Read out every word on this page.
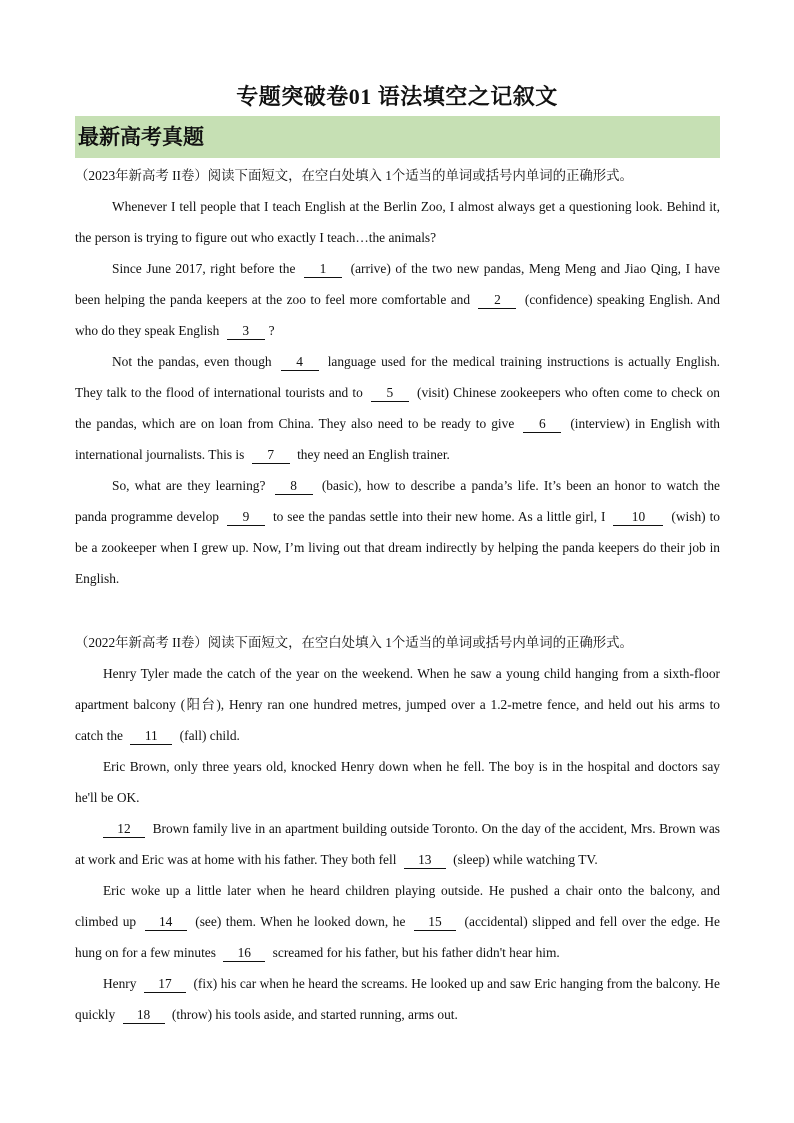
专题突破卷01 语法填空之记叙文
最新高考真题
（2023年新高考 II卷）阅读下面短文，在空白处填入 1个适当的单词或括号内单词的正确形式。
Whenever I tell people that I teach English at the Berlin Zoo, I almost always get a questioning look. Behind it, the person is trying to figure out who exactly I teach…the animals?
Since June 2017, right before the 1 (arrive) of the two new pandas, Meng Meng and Jiao Qing, I have been helping the panda keepers at the zoo to feel more comfortable and 2 (confidence) speaking English. And who do they speak English 3 ?
Not the pandas, even though 4 language used for the medical training instructions is actually English. They talk to the flood of international tourists and to 5 (visit) Chinese zookeepers who often come to check on the pandas, which are on loan from China. They also need to be ready to give 6 (interview) in English with international journalists. This is 7 they need an English trainer.
So, what are they learning? 8 (basic), how to describe a panda’s life. It’s been an honor to watch the panda programme develop 9 to see the pandas settle into their new home. As a little girl, I 10 (wish) to be a zookeeper when I grew up. Now, I’m living out that dream indirectly by helping the panda keepers do their job in English.
（2022年新高考 II卷）阅读下面短文，在空白处填入 1个适当的单词或括号内单词的正确形式。
Henry Tyler made the catch of the year on the weekend. When he saw a young child hanging from a sixth-floor apartment balcony (阳台), Henry ran one hundred metres, jumped over a 1.2-metre fence, and held out his arms to catch the 11 (fall) child.
Eric Brown, only three years old, knocked Henry down when he fell. The boy is in the hospital and doctors say he'll be OK.
12 Brown family live in an apartment building outside Toronto. On the day of the accident, Mrs. Brown was at work and Eric was at home with his father. They both fell 13 (sleep) while watching TV.
Eric woke up a little later when he heard children playing outside. He pushed a chair onto the balcony, and climbed up 14 (see) them. When he looked down, he 15 (accidental) slipped and fell over the edge. He hung on for a few minutes 16 screamed for his father, but his father didn't hear him.
Henry 17 (fix) his car when he heard the screams. He looked up and saw Eric hanging from the balcony. He quickly 18 (throw) his tools aside, and started running, arms out.
